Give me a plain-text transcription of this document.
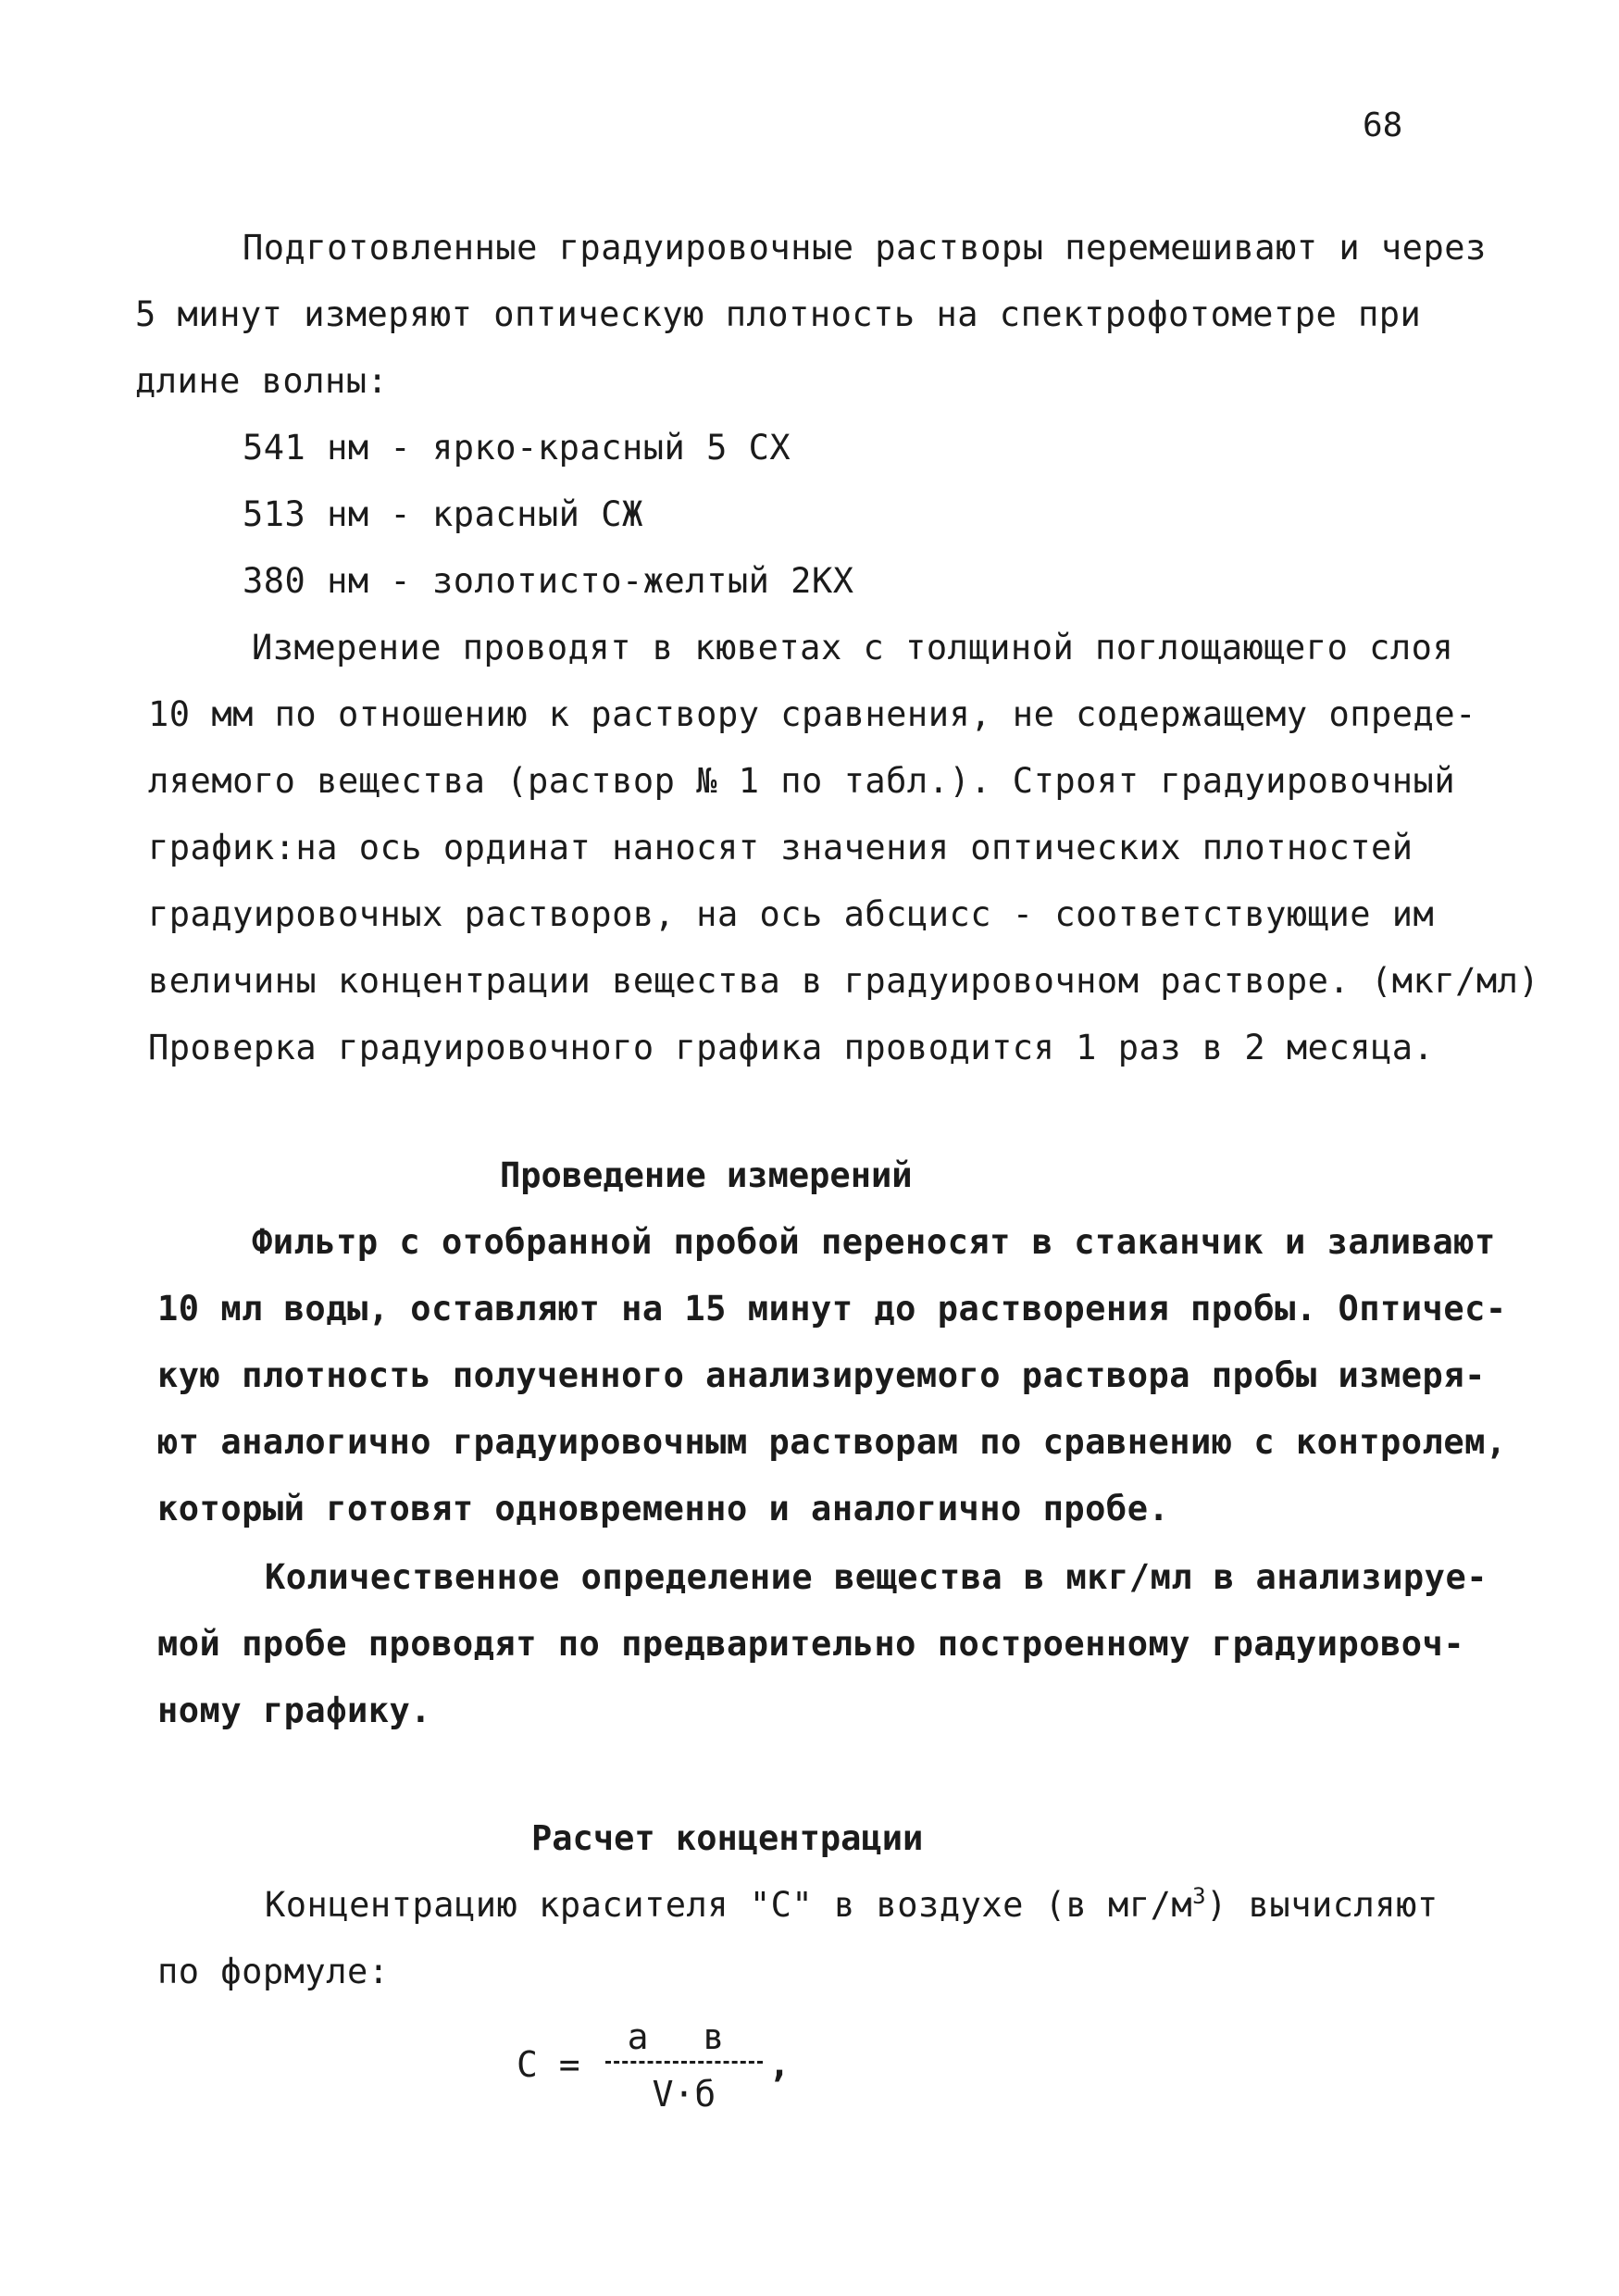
68
Подготовленные градуировочные растворы перемешивают и через
5 минут измеряют оптическую плотность на спектрофотометре при
длине волны:
541 нм - ярко-красный 5 СХ
513 нм - красный СЖ
380 нм - золотисто-желтый 2КХ
Измерение проводят в кюветах с толщиной поглощающего слоя
10 мм по отношению к раствору сравнения, не содержащему опреде-
ляемого вещества (раствор № 1 по табл.). Строят градуировочный
график:на ось ординат наносят значения оптических плотностей
градуировочных растворов, на ось абсцисс - соответствующие им
величины концентрации вещества в градуировочном растворе. (мкг/мл)
Проверка градуировочного графика проводится 1 раз в 2 месяца.
Проведение измерений
Фильтр с отобранной пробой переносят в стаканчик и заливают
10 мл воды, оставляют на 15 минут до растворения пробы. Оптичес-
кую плотность полученного анализируемого раствора пробы измеря-
ют аналогично градуировочным растворам по сравнению с контролем,
который готовят одновременно и аналогично пробе.
Количественное определение вещества в мкг/мл в анализируе-
мой пробе проводят по предварительно построенному градуировоч-
ному графику.
Расчет концентрации
Концентрацию красителя "С" в воздухе (в $мг/м^3$) вычисляют
по формуле:
С =
а в
V·б
,
